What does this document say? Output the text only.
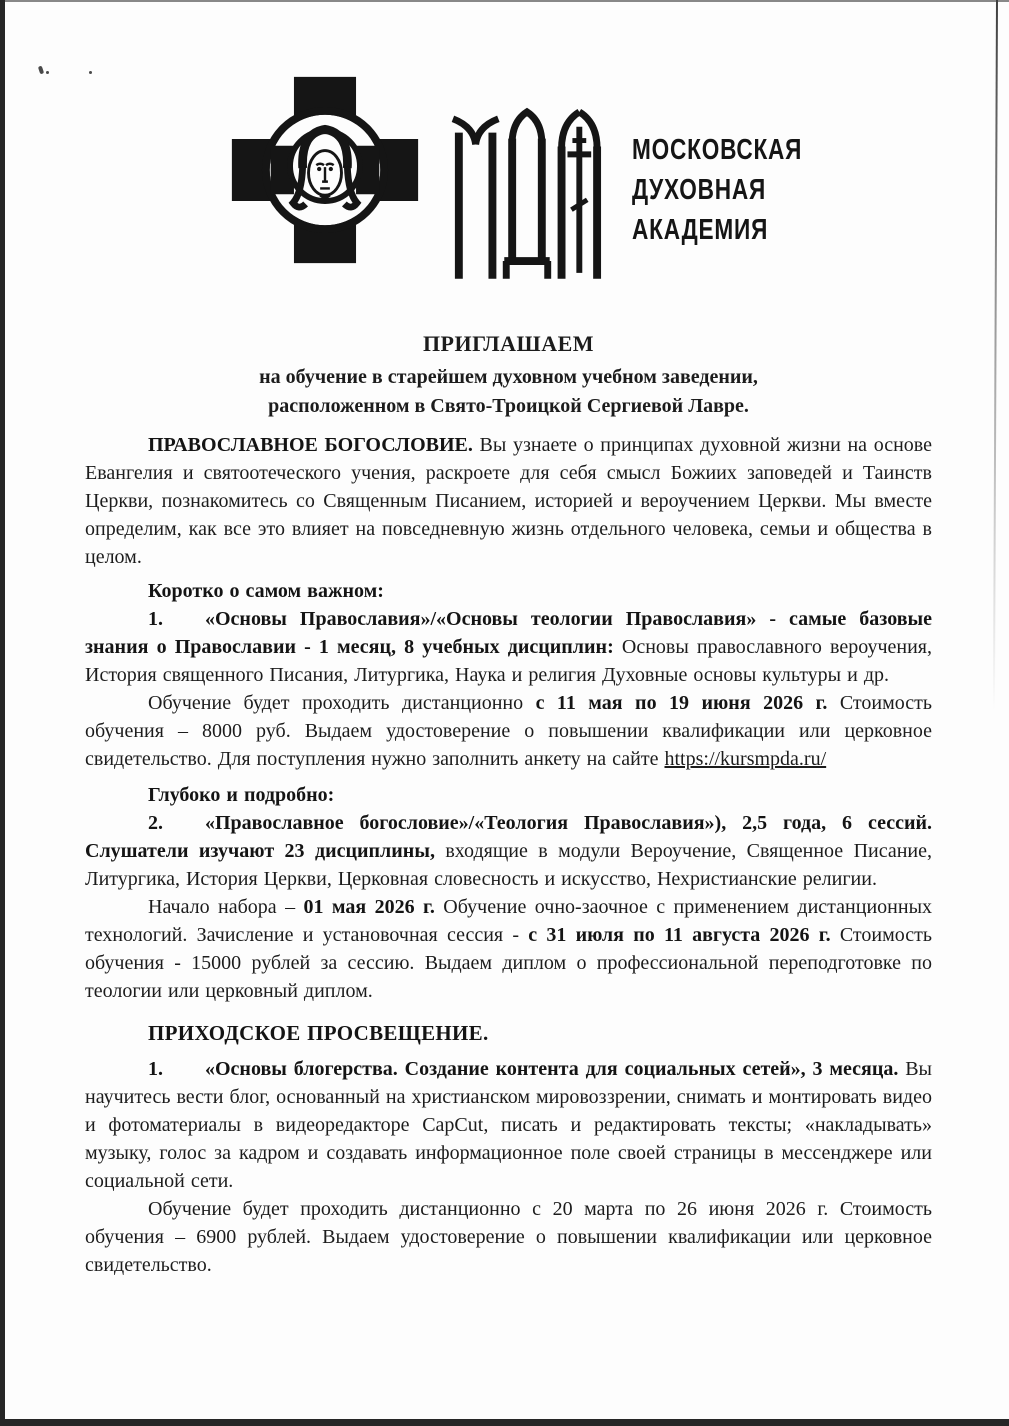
МОСКОВСКАЯ
ДУХОВНАЯ
АКАДЕМИЯ

ПРИГЛАШАЕМ

на обучение в старейшем духовном учебном заведении,

расположенном в Свято-Троицкой Сергиевой Лавре.

ПРАВОСЛАВНОЕ БОГОСЛОВИЕ. Вы узнаете о принципах духовной жизни на основе Евангелия и святоотеческого учения, раскроете для себя смысл Божиих заповедей и Таинств Церкви, познакомитесь со Священным Писанием, историей и вероучением Церкви. Мы вместе определим, как все это влияет на повседневную жизнь отдельного человека, семьи и общества в целом.

Коротко о самом важном:

1. «Основы Православия»/«Основы теологии Православия» - самые базовые знания о Православии - 1 месяц, 8 учебных дисциплин: Основы православного вероучения, История священного Писания, Литургика, Наука и религия Духовные основы культуры и др.

Обучение будет проходить дистанционно с 11 мая по 19 июня 2026 г. Стоимость обучения – 8000 руб. Выдаем удостоверение о повышении квалификации или церковное свидетельство. Для поступления нужно заполнить анкету на сайте https://kursmpda.ru/

Глубоко и подробно:

2. «Православное богословие»/«Теология Православия»), 2,5 года, 6 сессий. Слушатели изучают 23 дисциплины, входящие в модули Вероучение, Священное Писание, Литургика, История Церкви, Церковная словесность и искусство, Нехристианские религии.

Начало набора – 01 мая 2026 г. Обучение очно-заочное с применением дистанционных технологий. Зачисление и установочная сессия - с 31 июля по 11 августа 2026 г. Стоимость обучения - 15000 рублей за сессию. Выдаем диплом о профессиональной переподготовке по теологии или церковный диплом.

ПРИХОДСКОЕ ПРОСВЕЩЕНИЕ.

1. «Основы блогерства. Создание контента для социальных сетей», 3 месяца. Вы научитесь вести блог, основанный на христианском мировоззрении, снимать и монтировать видео и фотоматериалы в видеоредакторе CapCut, писать и редактировать тексты; «накладывать» музыку, голос за кадром и создавать информационное поле своей страницы в мессенджере или социальной сети.

Обучение будет проходить дистанционно с 20 марта по 26 июня 2026 г. Стоимость обучения – 6900 рублей. Выдаем удостоверение о повышении квалификации или церковное свидетельство.
